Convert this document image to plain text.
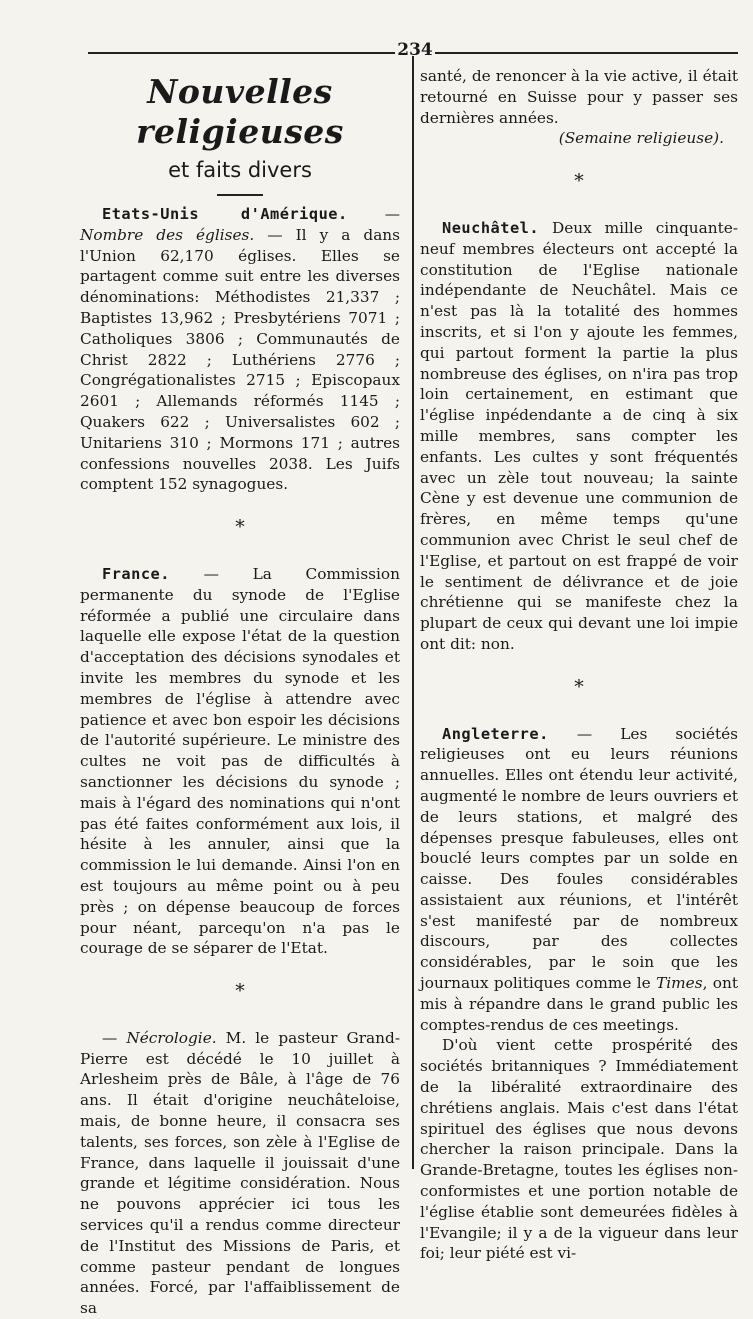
234
Nouvelles religieuses
et faits divers

Etats-Unis d'Amérique. — Nombre des églises. — Il y a dans l'Union 62,170 églises. Elles se partagent comme suit entre les diverses dénominations: Méthodistes 21,337 ; Baptistes 13,962 ; Presbytériens 7071 ; Catholiques 3806 ; Communautés de Christ 2822 ; Luthériens 2776 ; Congrégationalistes 2715 ; Episcopaux 2601 ; Allemands réformés 1145 ; Quakers 622 ; Universalistes 602 ; Unitariens 310 ; Mormons 171 ; autres confessions nouvelles 2038. Les Juifs comptent 152 synagogues.

*

France. — La Commission permanente du synode de l'Eglise réformée a publié une circulaire dans laquelle elle expose l'état de la question d'acceptation des décisions synodales et invite les membres du synode et les membres de l'église à attendre avec patience et avec bon espoir les décisions de l'autorité supérieure. Le ministre des cultes ne voit pas de difficultés à sanctionner les décisions du synode ; mais à l'égard des nominations qui n'ont pas été faites conformément aux lois, il hésite à les annuler, ainsi que la commission le lui demande. Ainsi l'on en est toujours au même point ou à peu près ; on dépense beaucoup de forces pour néant, parcequ'on n'a pas le courage de se séparer de l'Etat.

*

— Nécrologie. M. le pasteur Grand-Pierre est décédé le 10 juillet à Arlesheim près de Bâle, à l'âge de 76 ans. Il était d'origine neuchâteloise, mais, de bonne heure, il consacra ses talents, ses forces, son zèle à l'Eglise de France, dans laquelle il jouissait d'une grande et légitime considération. Nous ne pouvons apprécier ici tous les services qu'il a rendus comme directeur de l'Institut des Missions de Paris, et comme pasteur pendant de longues années. Forcé, par l'affaiblissement de sa

santé, de renoncer à la vie active, il était retourné en Suisse pour y passer ses dernières années.

(Semaine religieuse).

*

Neuchâtel. Deux mille cinquante-neuf membres électeurs ont accepté la constitution de l'Eglise nationale indépendante de Neuchâtel. Mais ce n'est pas là la totalité des hommes inscrits, et si l'on y ajoute les femmes, qui partout forment la partie la plus nombreuse des églises, on n'ira pas trop loin certainement, en estimant que l'église inpédendante a de cinq à six mille membres, sans compter les enfants. Les cultes y sont fréquentés avec un zèle tout nouveau; la sainte Cène y est devenue une communion de frères, en même temps qu'une communion avec Christ le seul chef de l'Eglise, et partout on est frappé de voir le sentiment de délivrance et de joie chrétienne qui se manifeste chez la plupart de ceux qui devant une loi impie ont dit: non.

*

Angleterre. — Les sociétés religieuses ont eu leurs réunions annuelles. Elles ont étendu leur activité, augmenté le nombre de leurs ouvriers et de leurs stations, et malgré des dépenses presque fabuleuses, elles ont bouclé leurs comptes par un solde en caisse. Des foules considérables assistaient aux réunions, et l'intérêt s'est manifesté par de nombreux discours, par des collectes considérables, par le soin que les journaux politiques comme le Times, ont mis à répandre dans le grand public les comptes-rendus de ces meetings.

D'où vient cette prospérité des sociétés britanniques ? Immédiatement de la libéralité extraordinaire des chrétiens anglais. Mais c'est dans l'état spirituel des églises que nous devons chercher la raison principale. Dans la Grande-Bretagne, toutes les églises non-conformistes et une portion notable de l'église établie sont demeurées fidèles à l'Evangile; il y a de la vigueur dans leur foi; leur piété est vi-
